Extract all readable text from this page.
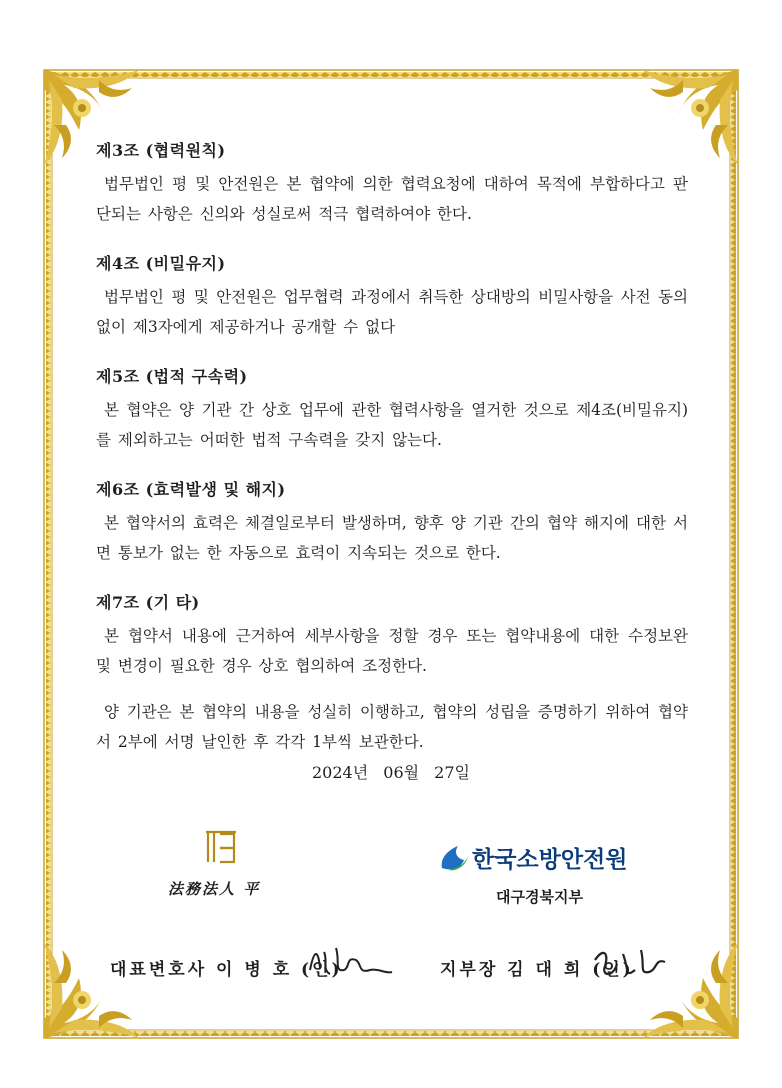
제3조 (협력원칙)

법무법인 평 및 안전원은 본 협약에 의한 협력요청에 대하여 목적에 부합하다고 판단되는 사항은 신의와 성실로써 적극 협력하여야 한다.

제4조 (비밀유지)

법무법인 평 및 안전원은 업무협력 과정에서 취득한 상대방의 비밀사항을 사전 동의 없이 제3자에게 제공하거나 공개할 수 없다

제5조 (법적 구속력)

본 협약은 양 기관 간 상호 업무에 관한 협력사항을 열거한 것으로 제4조(비밀유지)를 제외하고는 어떠한 법적 구속력을 갖지 않는다.

제6조 (효력발생 및 해지)

본 협약서의 효력은 체결일로부터 발생하며, 향후 양 기관 간의 협약 해지에 대한 서면 통보가 없는 한 자동으로 효력이 지속되는 것으로 한다.

제7조 (기 타)

본 협약서 내용에 근거하여 세부사항을 정할 경우 또는 협약내용에 대한 수정보완 및 변경이 필요한 경우 상호 협의하여 조정한다.

양 기관은 본 협약의 내용을 성실히 이행하고, 협약의 성립을 증명하기 위하여 협약서 2부에 서명 날인한 후 각각 1부씩 보관한다.

2024년 06월 27일
法務法人 平
한국소방안전원
대구경북지부
대표변호사 이 병 호 (인)	지부장 김 대 희 (인)
